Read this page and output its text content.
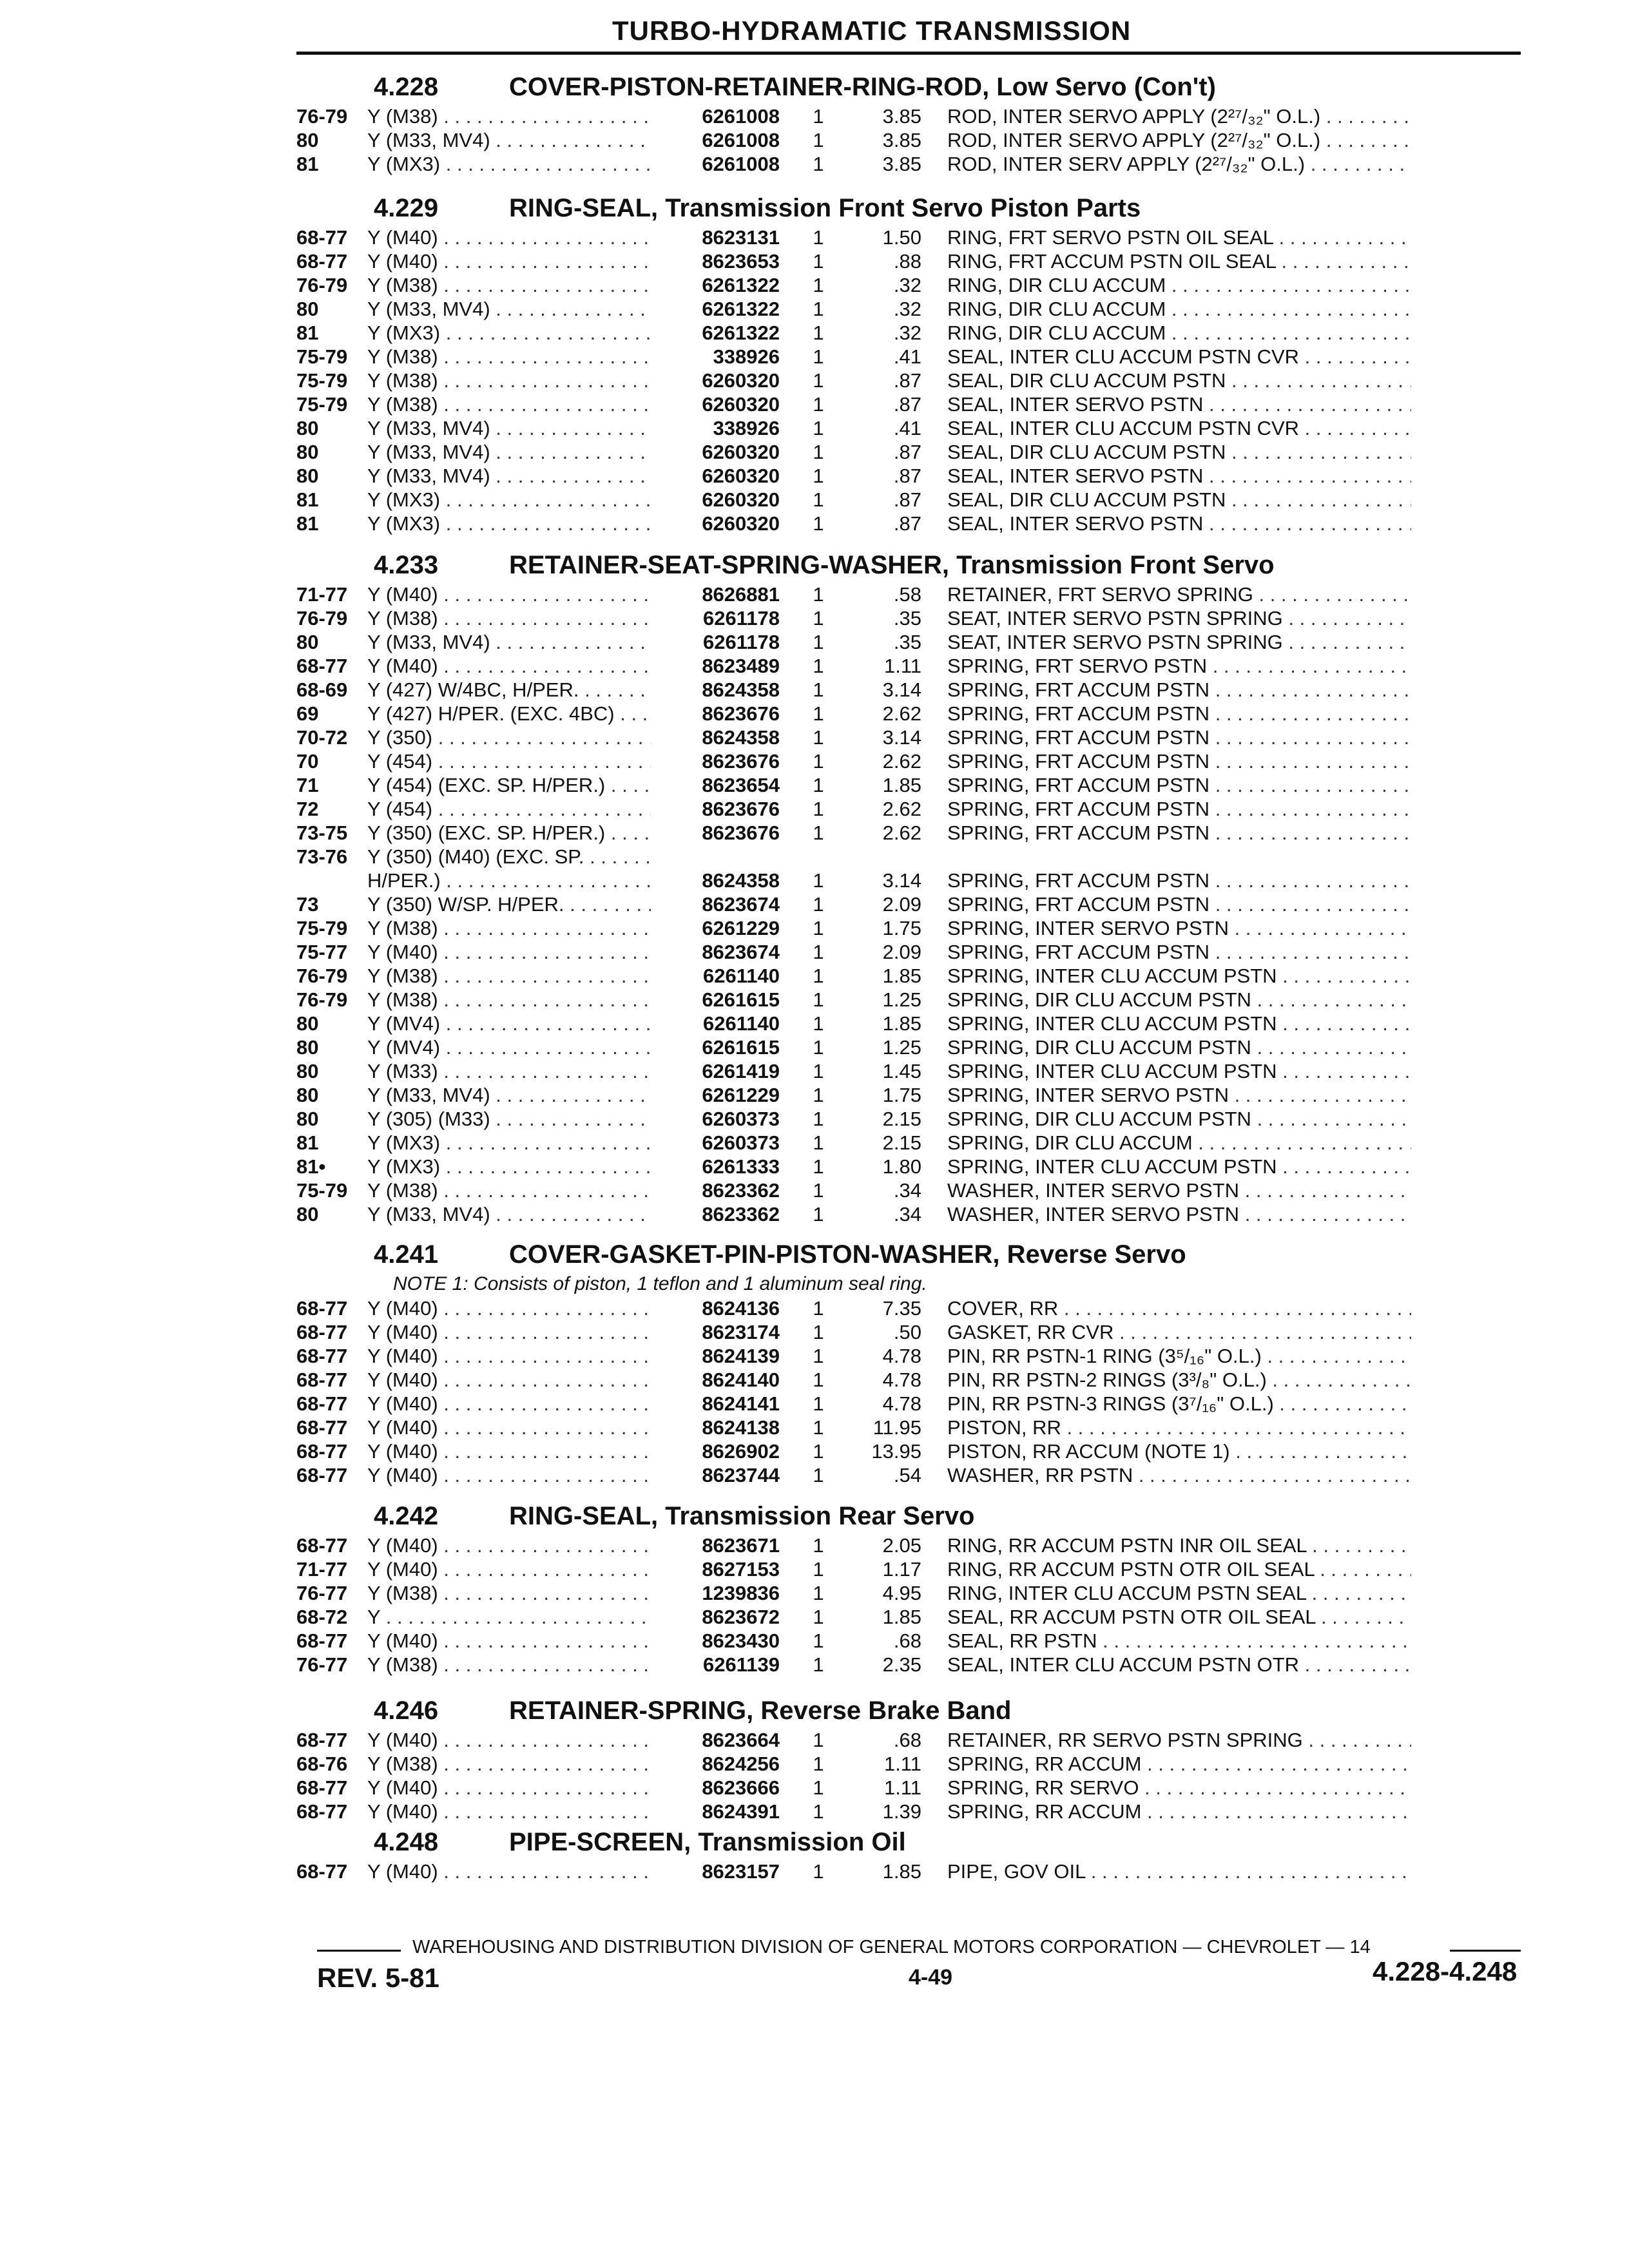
TURBO-HYDRAMATIC TRANSMISSION
4.228	COVER-PISTON-RETAINER-RING-ROD, Low Servo (Con't)
76-79 Y (M38) . . .	6261008	1	3.85	ROD, INTER SERVO APPLY (2²⁷/₃₂" O.L.) . . .
80	Y (M33, MV4) . . .	6261008	1	3.85	ROD, INTER SERVO APPLY (2²⁷/₃₂" O.L.) . . .
81	Y (MX3) . . .	6261008	1	3.85	ROD, INTER SERV APPLY (2²⁷/₃₂" O.L.) . . .
4.229	RING-SEAL, Transmission Front Servo Piston Parts
68-77 Y (M40) . . .	8623131	1	1.50	RING, FRT SERVO PSTN OIL SEAL . . .
68-77 Y (M40) . . .	8623653	1	.88	RING, FRT ACCUM PSTN OIL SEAL . . .
76-79 Y (M38) . . .	6261322	1	.32	RING, DIR CLU ACCUM . . .
80	Y (M33, MV4) . . .	6261322	1	.32	RING, DIR CLU ACCUM . . .
81	Y (MX3) . . .	6261322	1	.32	RING, DIR CLU ACCUM . . .
75-79 Y (M38) . . .	338926	1	.41	SEAL, INTER CLU ACCUM PSTN CVR . . .
75-79 Y (M38) . . .	6260320	1	.87	SEAL, DIR CLU ACCUM PSTN . . .
75-79 Y (M38) . . .	6260320	1	.87	SEAL, INTER SERVO PSTN . . .
80	Y (M33, MV4) . . .	338926	1	.41	SEAL, INTER CLU ACCUM PSTN CVR . . .
80	Y (M33, MV4) . . .	6260320	1	.87	SEAL, DIR CLU ACCUM PSTN . . .
80	Y (M33, MV4) . . .	6260320	1	.87	SEAL, INTER SERVO PSTN . . .
81	Y (MX3) . . .	6260320	1	.87	SEAL, DIR CLU ACCUM PSTN . . .
81	Y (MX3) . . .	6260320	1	.87	SEAL, INTER SERVO PSTN . . .
4.233	RETAINER-SEAT-SPRING-WASHER, Transmission Front Servo
71-77 Y (M40) . . .	8626881	1	.58	RETAINER, FRT SERVO SPRING . . .
76-79 Y (M38) . . .	6261178	1	.35	SEAT, INTER SERVO PSTN SPRING . . .
80	Y (M33, MV4) . . .	6261178	1	.35	SEAT, INTER SERVO PSTN SPRING . . .
68-77 Y (M40) . . .	8623489	1	1.11	SPRING, FRT SERVO PSTN . . .
68-69 Y (427) W/4BC, H/PER. . . .	8624358	1	3.14	SPRING, FRT ACCUM PSTN . . .
69	Y (427) H/PER. (EXC. 4BC) . . .	8623676	1	2.62	SPRING, FRT ACCUM PSTN . . .
70-72 Y (350) . . .	8624358	1	3.14	SPRING, FRT ACCUM PSTN . . .
70	Y (454) . . .	8623676	1	2.62	SPRING, FRT ACCUM PSTN . . .
71	Y (454) (EXC. SP. H/PER.) . . .	8623654	1	1.85	SPRING, FRT ACCUM PSTN . . .
72	Y (454) . . .	8623676	1	2.62	SPRING, FRT ACCUM PSTN . . .
73-75 Y (350) (EXC. SP. H/PER.) . . .	8623676	1	2.62	SPRING, FRT ACCUM PSTN . . .
73-76 Y (350) (M40) (EXC. SP. . . .
H/PER.) . . .	8624358	1	3.14	SPRING, FRT ACCUM PSTN . . .
73	Y (350) W/SP. H/PER. . . .	8623674	1	2.09	SPRING, FRT ACCUM PSTN . . .
75-79 Y (M38) . . .	6261229	1	1.75	SPRING, INTER SERVO PSTN . . .
75-77 Y (M40) . . .	8623674	1	2.09	SPRING, FRT ACCUM PSTN . . .
76-79 Y (M38) . . .	6261140	1	1.85	SPRING, INTER CLU ACCUM PSTN . . .
76-79 Y (M38) . . .	6261615	1	1.25	SPRING, DIR CLU ACCUM PSTN . . .
80	Y (MV4) . . .	6261140	1	1.85	SPRING, INTER CLU ACCUM PSTN . . .
80	Y (MV4) . . .	6261615	1	1.25	SPRING, DIR CLU ACCUM PSTN . . .
80	Y (M33) . . .	6261419	1	1.45	SPRING, INTER CLU ACCUM PSTN . . .
80	Y (M33, MV4) . . .	6261229	1	1.75	SPRING, INTER SERVO PSTN . . .
80	Y (305) (M33) . . .	6260373	1	2.15	SPRING, DIR CLU ACCUM PSTN . . .
81	Y (MX3) . . .	6260373	1	2.15	SPRING, DIR CLU ACCUM . . .
81•	Y (MX3) . . .	6261333	1	1.80	SPRING, INTER CLU ACCUM PSTN . . .
75-79 Y (M38) . . .	8623362	1	.34	WASHER, INTER SERVO PSTN . . .
80	Y (M33, MV4) . . .	8623362	1	.34	WASHER, INTER SERVO PSTN . . .
4.241	COVER-GASKET-PIN-PISTON-WASHER, Reverse Servo
NOTE 1: Consists of piston, 1 teflon and 1 aluminum seal ring.
68-77 Y (M40) . . .	8624136	1	7.35	COVER, RR . . .
68-77 Y (M40) . . .	8623174	1	.50	GASKET, RR CVR . . .
68-77 Y (M40) . . .	8624139	1	4.78	PIN, RR PSTN-1 RING (3⁵/₁₆" O.L.) . . .
68-77 Y (M40) . . .	8624140	1	4.78	PIN, RR PSTN-2 RINGS (3³/₈" O.L.) . . .
68-77 Y (M40) . . .	8624141	1	4.78	PIN, RR PSTN-3 RINGS (3⁷/₁₆" O.L.) . . .
68-77 Y (M40) . . .	8624138	1	11.95	PISTON, RR . . .
68-77 Y (M40) . . .	8626902	1	13.95	PISTON, RR ACCUM (NOTE 1) . . .
68-77 Y (M40) . . .	8623744	1	.54	WASHER, RR PSTN . . .
4.242	RING-SEAL, Transmission Rear Servo
68-77 Y (M40) . . .	8623671	1	2.05	RING, RR ACCUM PSTN INR OIL SEAL . . .
71-77 Y (M40) . . .	8627153	1	1.17	RING, RR ACCUM PSTN OTR OIL SEAL . . .
76-77 Y (M38) . . .	1239836	1	4.95	RING, INTER CLU ACCUM PSTN SEAL . . .
68-72 Y . . .	8623672	1	1.85	SEAL, RR ACCUM PSTN OTR OIL SEAL . . .
68-77 Y (M40) . . .	8623430	1	.68	SEAL, RR PSTN . . .
76-77 Y (M38) . . .	6261139	1	2.35	SEAL, INTER CLU ACCUM PSTN OTR . . .
4.246	RETAINER-SPRING, Reverse Brake Band
68-77 Y (M40) . . .	8623664	1	.68	RETAINER, RR SERVO PSTN SPRING . . .
68-76 Y (M38) . . .	8624256	1	1.11	SPRING, RR ACCUM . . .
68-77 Y (M40) . . .	8623666	1	1.11	SPRING, RR SERVO . . .
68-77 Y (M40) . . .	8624391	1	1.39	SPRING, RR ACCUM . . .
4.248	PIPE-SCREEN, Transmission Oil
68-77 Y (M40) . . .	8623157	1	1.85	PIPE, GOV OIL . . .
WAREHOUSING AND DISTRIBUTION DIVISION OF GENERAL MOTORS CORPORATION — CHEVROLET — 14
REV. 5-81	4-49	4.228-4.248
